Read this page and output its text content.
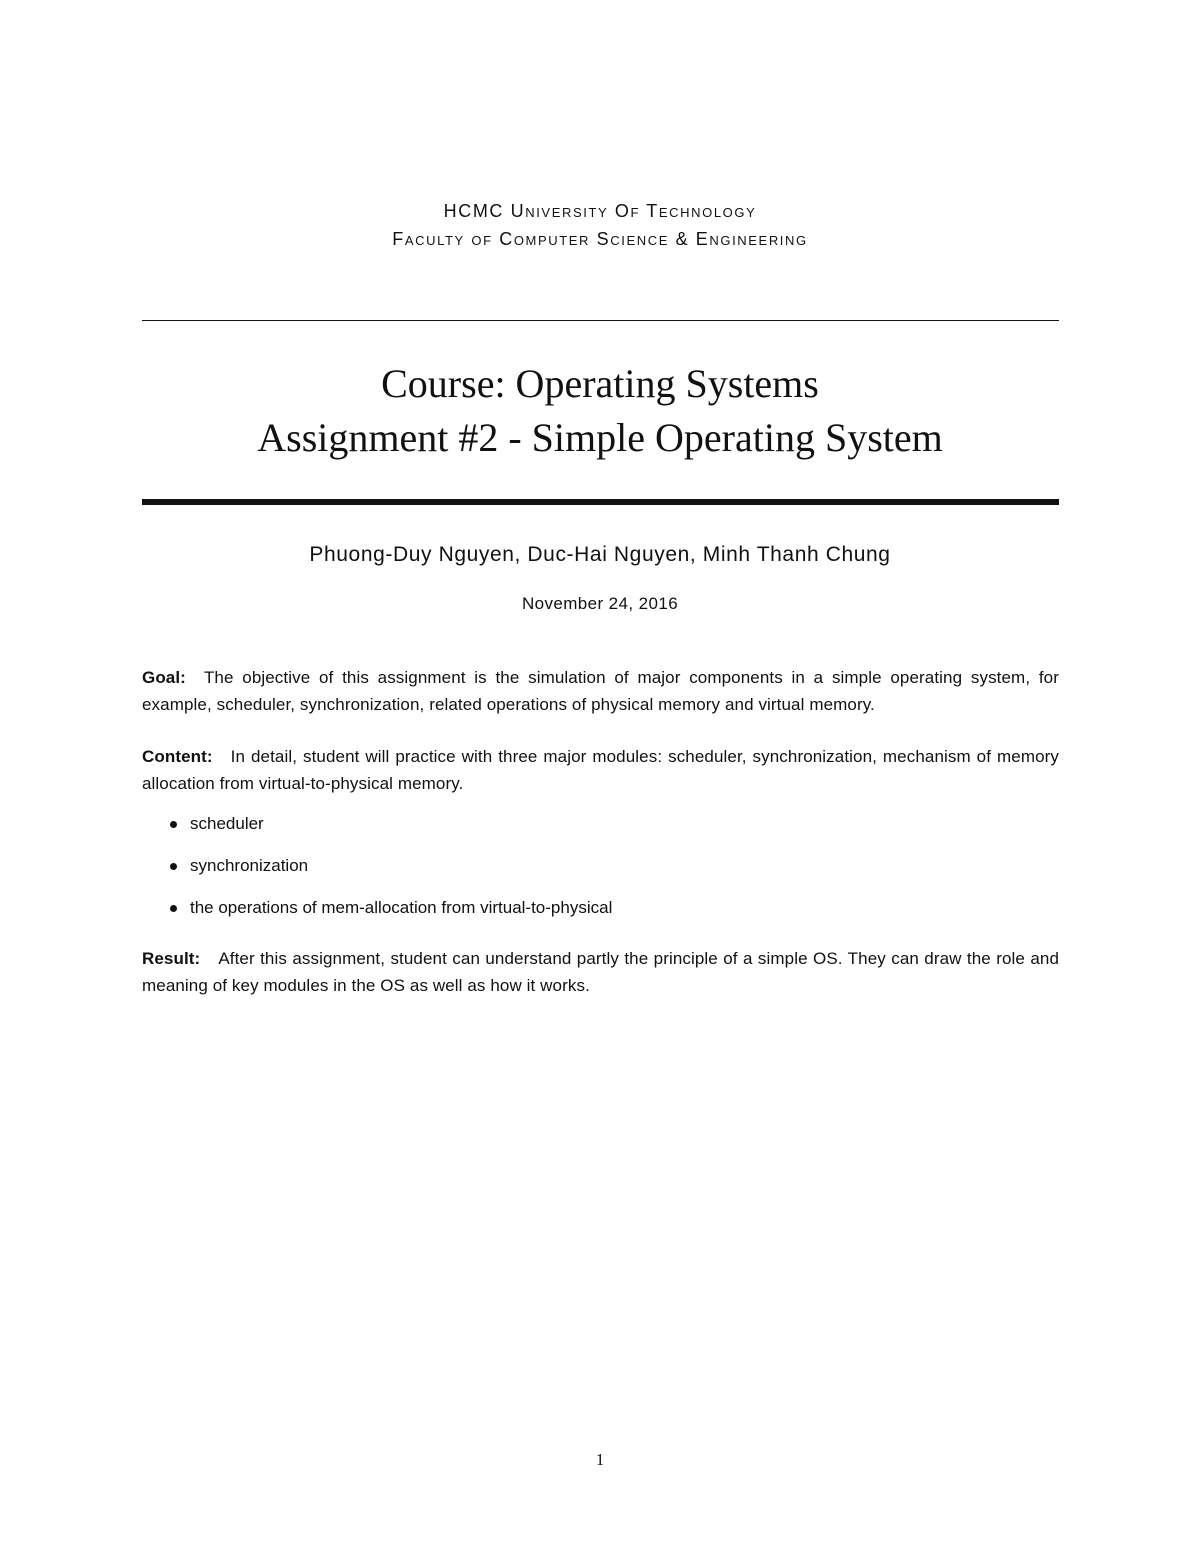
HCMC University Of Technology
Faculty of Computer Science & Engineering
Course: Operating Systems
Assignment #2 - Simple Operating System
Phuong-Duy Nguyen, Duc-Hai Nguyen, Minh Thanh Chung
November 24, 2016
Goal: The objective of this assignment is the simulation of major components in a simple operating system, for example, scheduler, synchronization, related operations of physical memory and virtual memory.
Content: In detail, student will practice with three major modules: scheduler, synchronization, mechanism of memory allocation from virtual-to-physical memory.
scheduler
synchronization
the operations of mem-allocation from virtual-to-physical
Result: After this assignment, student can understand partly the principle of a simple OS. They can draw the role and meaning of key modules in the OS as well as how it works.
1
